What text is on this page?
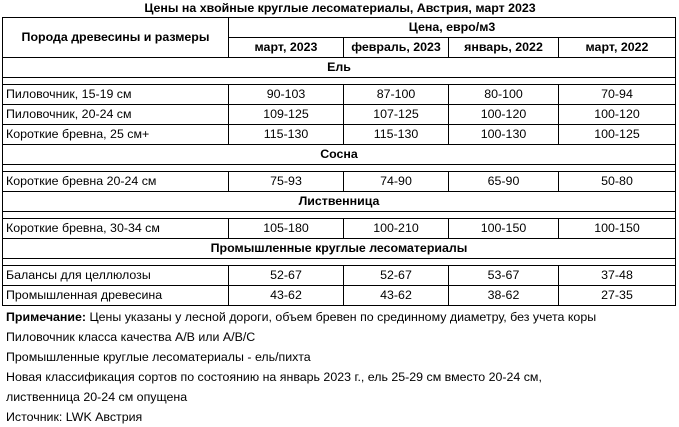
Цены на хвойные круглые лесоматериалы, Австрия, март 2023
Порода древесины и размеры	Цена, евро/м3			
	март, 2023	февраль, 2023	январь, 2022	март, 2022
Ель				

Пиловочник, 15-19 см	90-103	87-100	80-100	70-94
Пиловочник, 20-24 см	109-125	107-125	100-120	100-120
Короткие бревна, 25 см+	115-130	115-130	100-130	100-125
Сосна				

Короткие бревна 20-24 см	75-93	74-90	65-90	50-80
Лиственница				

Короткие бревна, 30-34 см	105-180	100-210	100-150	100-150
Промышленные круглые лесоматериалы				

Балансы для целлюлозы	52-67	52-67	53-67	37-48
Промышленная древесина	43-62	43-62	38-62	27-35
Примечание: Цены указаны у лесной дороги, объем бревен по срединному диаметру, без учета коры
Пиловочник класса качества A/B или A/B/C
Промышленные круглые лесоматериалы - ель/пихта
Новая классификация сортов по состоянию на январь 2023 г., ель 25-29 см вместо 20-24 см,
лиственница 20-24 см опущена
Источник: LWK Австрия
